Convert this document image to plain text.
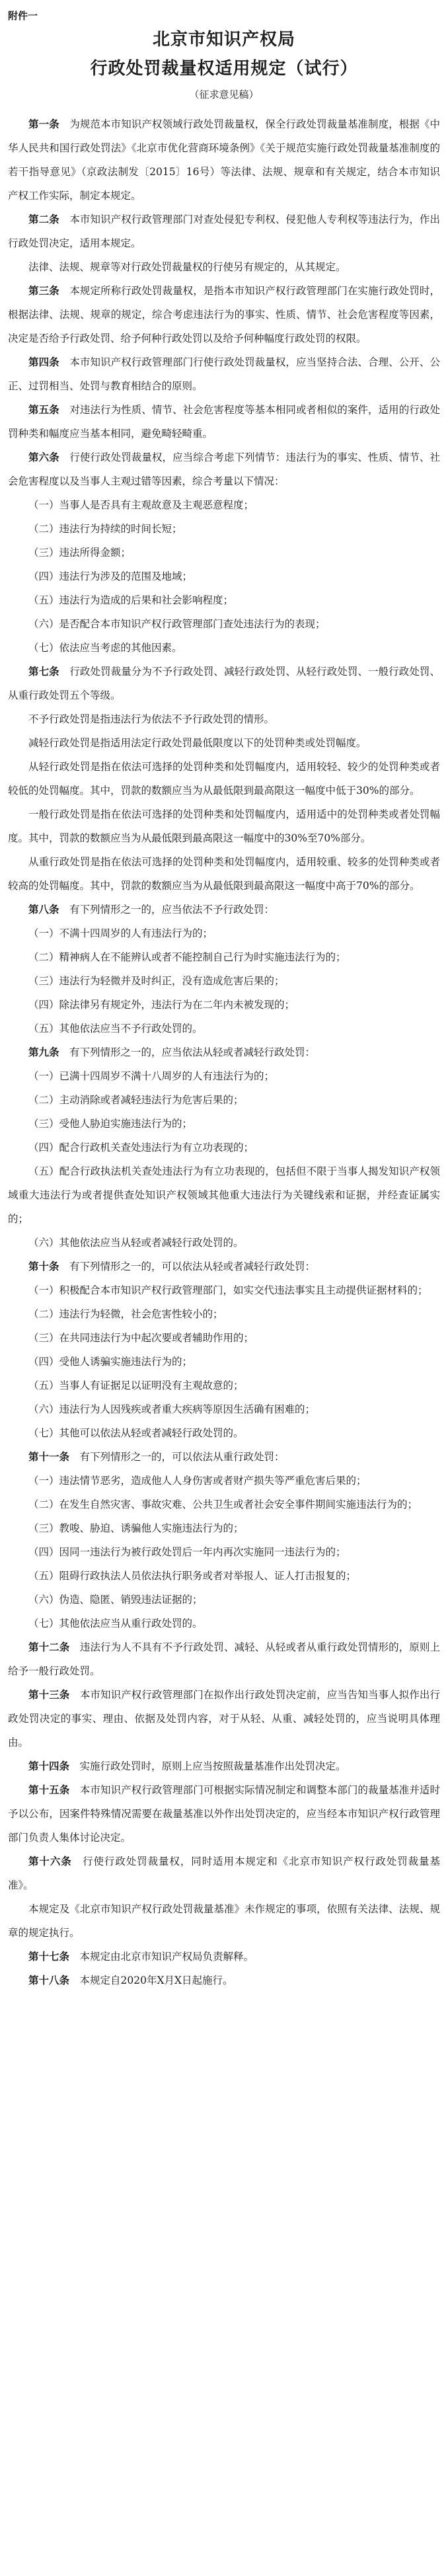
附件一
北京市知识产权局
行政处罚裁量权适用规定（试行）
（征求意见稿）

第一条　 为规范本市知识产权领域行政处罚裁量权，保全行政处罚裁量基准制度，根据《中华人民共和国行政处罚法》《北京市优化营商环境条例》《关于规范实施行政处罚裁量基准制度的若干指导意见》（京政法制发〔2015〕16号）等法律、法规、规章和有关规定，结合本市知识产权工作实际，制定本规定。

第二条　 本市知识产权行政管理部门对查处侵犯专利权、侵犯他人专利权等违法行为，作出行政处罚决定，适用本规定。

法律、法规、规章等对行政处罚裁量权的行使另有规定的，从其规定。

第三条　 本规定所称行政处罚裁量权，是指本市知识产权行政管理部门在实施行政处罚时，根据法律、法规、规章的规定，综合考虑违法行为的事实、性质、情节、社会危害程度等因素，决定是否给予行政处罚、给予何种行政处罚以及给予何种幅度行政处罚的权限。

第四条　 本市知识产权行政管理部门行使行政处罚裁量权，应当坚持合法、合理、公开、公正、过罚相当、处罚与教育相结合的原则。

第五条　 对违法行为性质、情节、社会危害程度等基本相同或者相似的案件，适用的行政处罚种类和幅度应当基本相同，避免畸轻畸重。

第六条　 行使行政处罚裁量权，应当综合考虑下列情节：违法行为的事实、性质、情节、社会危害程度以及当事人主观过错等因素，综合考量以下情况：

（一）当事人是否具有主观故意及主观恶意程度；

（二）违法行为持续的时间长短；

（三）违法所得金额；

（四）违法行为涉及的范围及地域；

（五）违法行为造成的后果和社会影响程度；

（六）是否配合本市知识产权行政管理部门查处违法行为的表现；

（七）依法应当考虑的其他因素。

第七条　 行政处罚裁量分为不予行政处罚、减轻行政处罚、从轻行政处罚、一般行政处罚、从重行政处罚五个等级。

不予行政处罚是指违法行为依法不予行政处罚的情形。

减轻行政处罚是指适用法定行政处罚最低限度以下的处罚种类或处罚幅度。

从轻行政处罚是指在依法可选择的处罚种类和处罚幅度内，适用较轻、较少的处罚种类或者较低的处罚幅度。其中，罚款的数额应当为从最低限到最高限这一幅度中低于30%的部分。

一般行政处罚是指在依法可选择的处罚种类和处罚幅度内，适用适中的处罚种类或者处罚幅度。其中，罚款的数额应当为从最低限到最高限这一幅度中的30%至70%部分。

从重行政处罚是指在依法可选择的处罚种类和处罚幅度内，适用较重、较多的处罚种类或者较高的处罚幅度。其中，罚款的数额应当为从最低限到最高限这一幅度中高于70%的部分。

第八条　 有下列情形之一的，应当依法不予行政处罚：

（一）不满十四周岁的人有违法行为的；

（二）精神病人在不能辨认或者不能控制自己行为时实施违法行为的；

（三）违法行为轻微并及时纠正，没有造成危害后果的；

（四）除法律另有规定外，违法行为在二年内未被发现的；

（五）其他依法应当不予行政处罚的。

第九条　 有下列情形之一的，应当依法从轻或者减轻行政处罚：

（一）已满十四周岁不满十八周岁的人有违法行为的；

（二）主动消除或者减轻违法行为危害后果的；

（三）受他人胁迫实施违法行为的；

（四）配合行政机关查处违法行为有立功表现的；

（五）配合行政执法机关查处违法行为有立功表现的，包括但不限于当事人揭发知识产权领域重大违法行为或者提供查处知识产权领域其他重大违法行为关键线索和证据，并经查证属实的；

（六）其他依法应当从轻或者减轻行政处罚的。

第十条　 有下列情形之一的，可以依法从轻或者减轻行政处罚：

（一）积极配合本市知识产权行政管理部门，如实交代违法事实且主动提供证据材料的；

（二）违法行为轻微，社会危害性较小的；

（三）在共同违法行为中起次要或者辅助作用的；

（四）受他人诱骗实施违法行为的；

（五）当事人有证据足以证明没有主观故意的；

（六）违法行为人因残疾或者重大疾病等原因生活确有困难的；

（七）其他可以依法从轻或者减轻行政处罚的。

第十一条　 有下列情形之一的，可以依法从重行政处罚：

（一）违法情节恶劣，造成他人人身伤害或者财产损失等严重危害后果的；

（二）在发生自然灾害、事故灾难、公共卫生或者社会安全事件期间实施违法行为的；

（三）教唆、胁迫、诱骗他人实施违法行为的；

（四）因同一违法行为被行政处罚后一年内再次实施同一违法行为的；

（五）阻碍行政执法人员依法执行职务或者对举报人、证人打击报复的；

（六）伪造、隐匿、销毁违法证据的；

（七）其他依法应当从重行政处罚的。

第十二条　 违法行为人不具有不予行政处罚、减轻、从轻或者从重行政处罚情形的，原则上给予一般行政处罚。

第十三条　 本市知识产权行政管理部门在拟作出行政处罚决定前，应当告知当事人拟作出行政处罚决定的事实、理由、依据及处罚内容，对于从轻、从重、减轻处罚的，应当说明具体理由。

第十四条　 实施行政处罚时，原则上应当按照裁量基准作出处罚决定。

第十五条　 本市知识产权行政管理部门可根据实际情况制定和调整本部门的裁量基准并适时予以公布，因案件特殊情况需要在裁量基准以外作出处罚决定的，应当经本市知识产权行政管理部门负责人集体讨论决定。

第十六条　 行使行政处罚裁量权，同时适用本规定和《北京市知识产权行政处罚裁量基准》。

本规定及《北京市知识产权行政处罚裁量基准》未作规定的事项，依照有关法律、法规、规章的规定执行。

第十七条　 本规定由北京市知识产权局负责解释。

第十八条　 本规定自2020年X月X日起施行。
